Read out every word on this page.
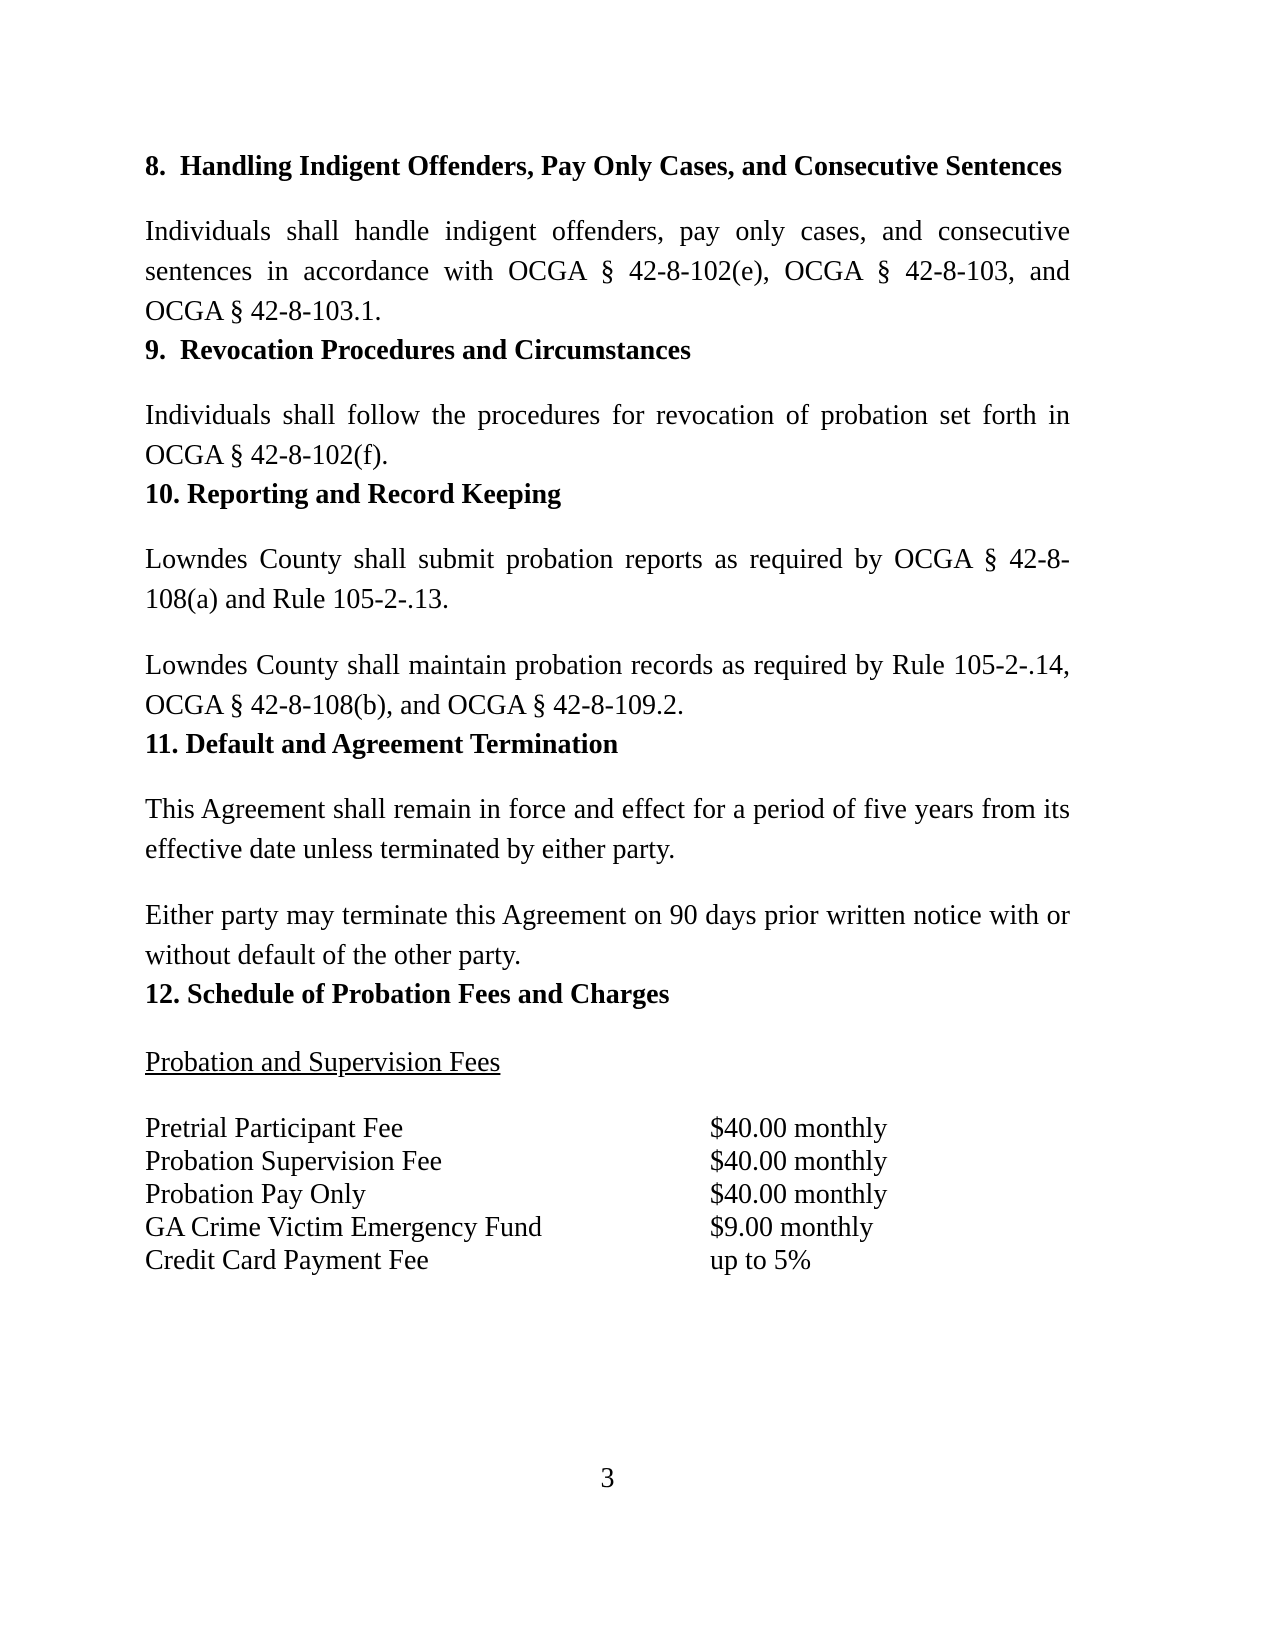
8.  Handling Indigent Offenders, Pay Only Cases, and Consecutive Sentences

Individuals shall handle indigent offenders, pay only cases, and consecutive sentences in accordance with OCGA § 42-8-102(e), OCGA § 42-8-103, and OCGA § 42-8-103.1.

9.  Revocation Procedures and Circumstances

Individuals shall follow the procedures for revocation of probation set forth in OCGA § 42-8-102(f).

10. Reporting and Record Keeping

Lowndes County shall submit probation reports as required by OCGA § 42-8-108(a) and Rule 105-2-.13.

Lowndes County shall maintain probation records as required by Rule 105-2-.14, OCGA § 42-8-108(b), and OCGA § 42-8-109.2.

11. Default and Agreement Termination

This Agreement shall remain in force and effect for a period of five years from its effective date unless terminated by either party.

Either party may terminate this Agreement on 90 days prior written notice with or without default of the other party.

12. Schedule of Probation Fees and Charges

Probation and Supervision Fees

Pretrial Participant Fee	$40.00 monthly
Probation Supervision Fee	$40.00 monthly
Probation Pay Only	$40.00 monthly
GA Crime Victim Emergency Fund	$9.00 monthly
Credit Card Payment Fee	up to 5%
3
